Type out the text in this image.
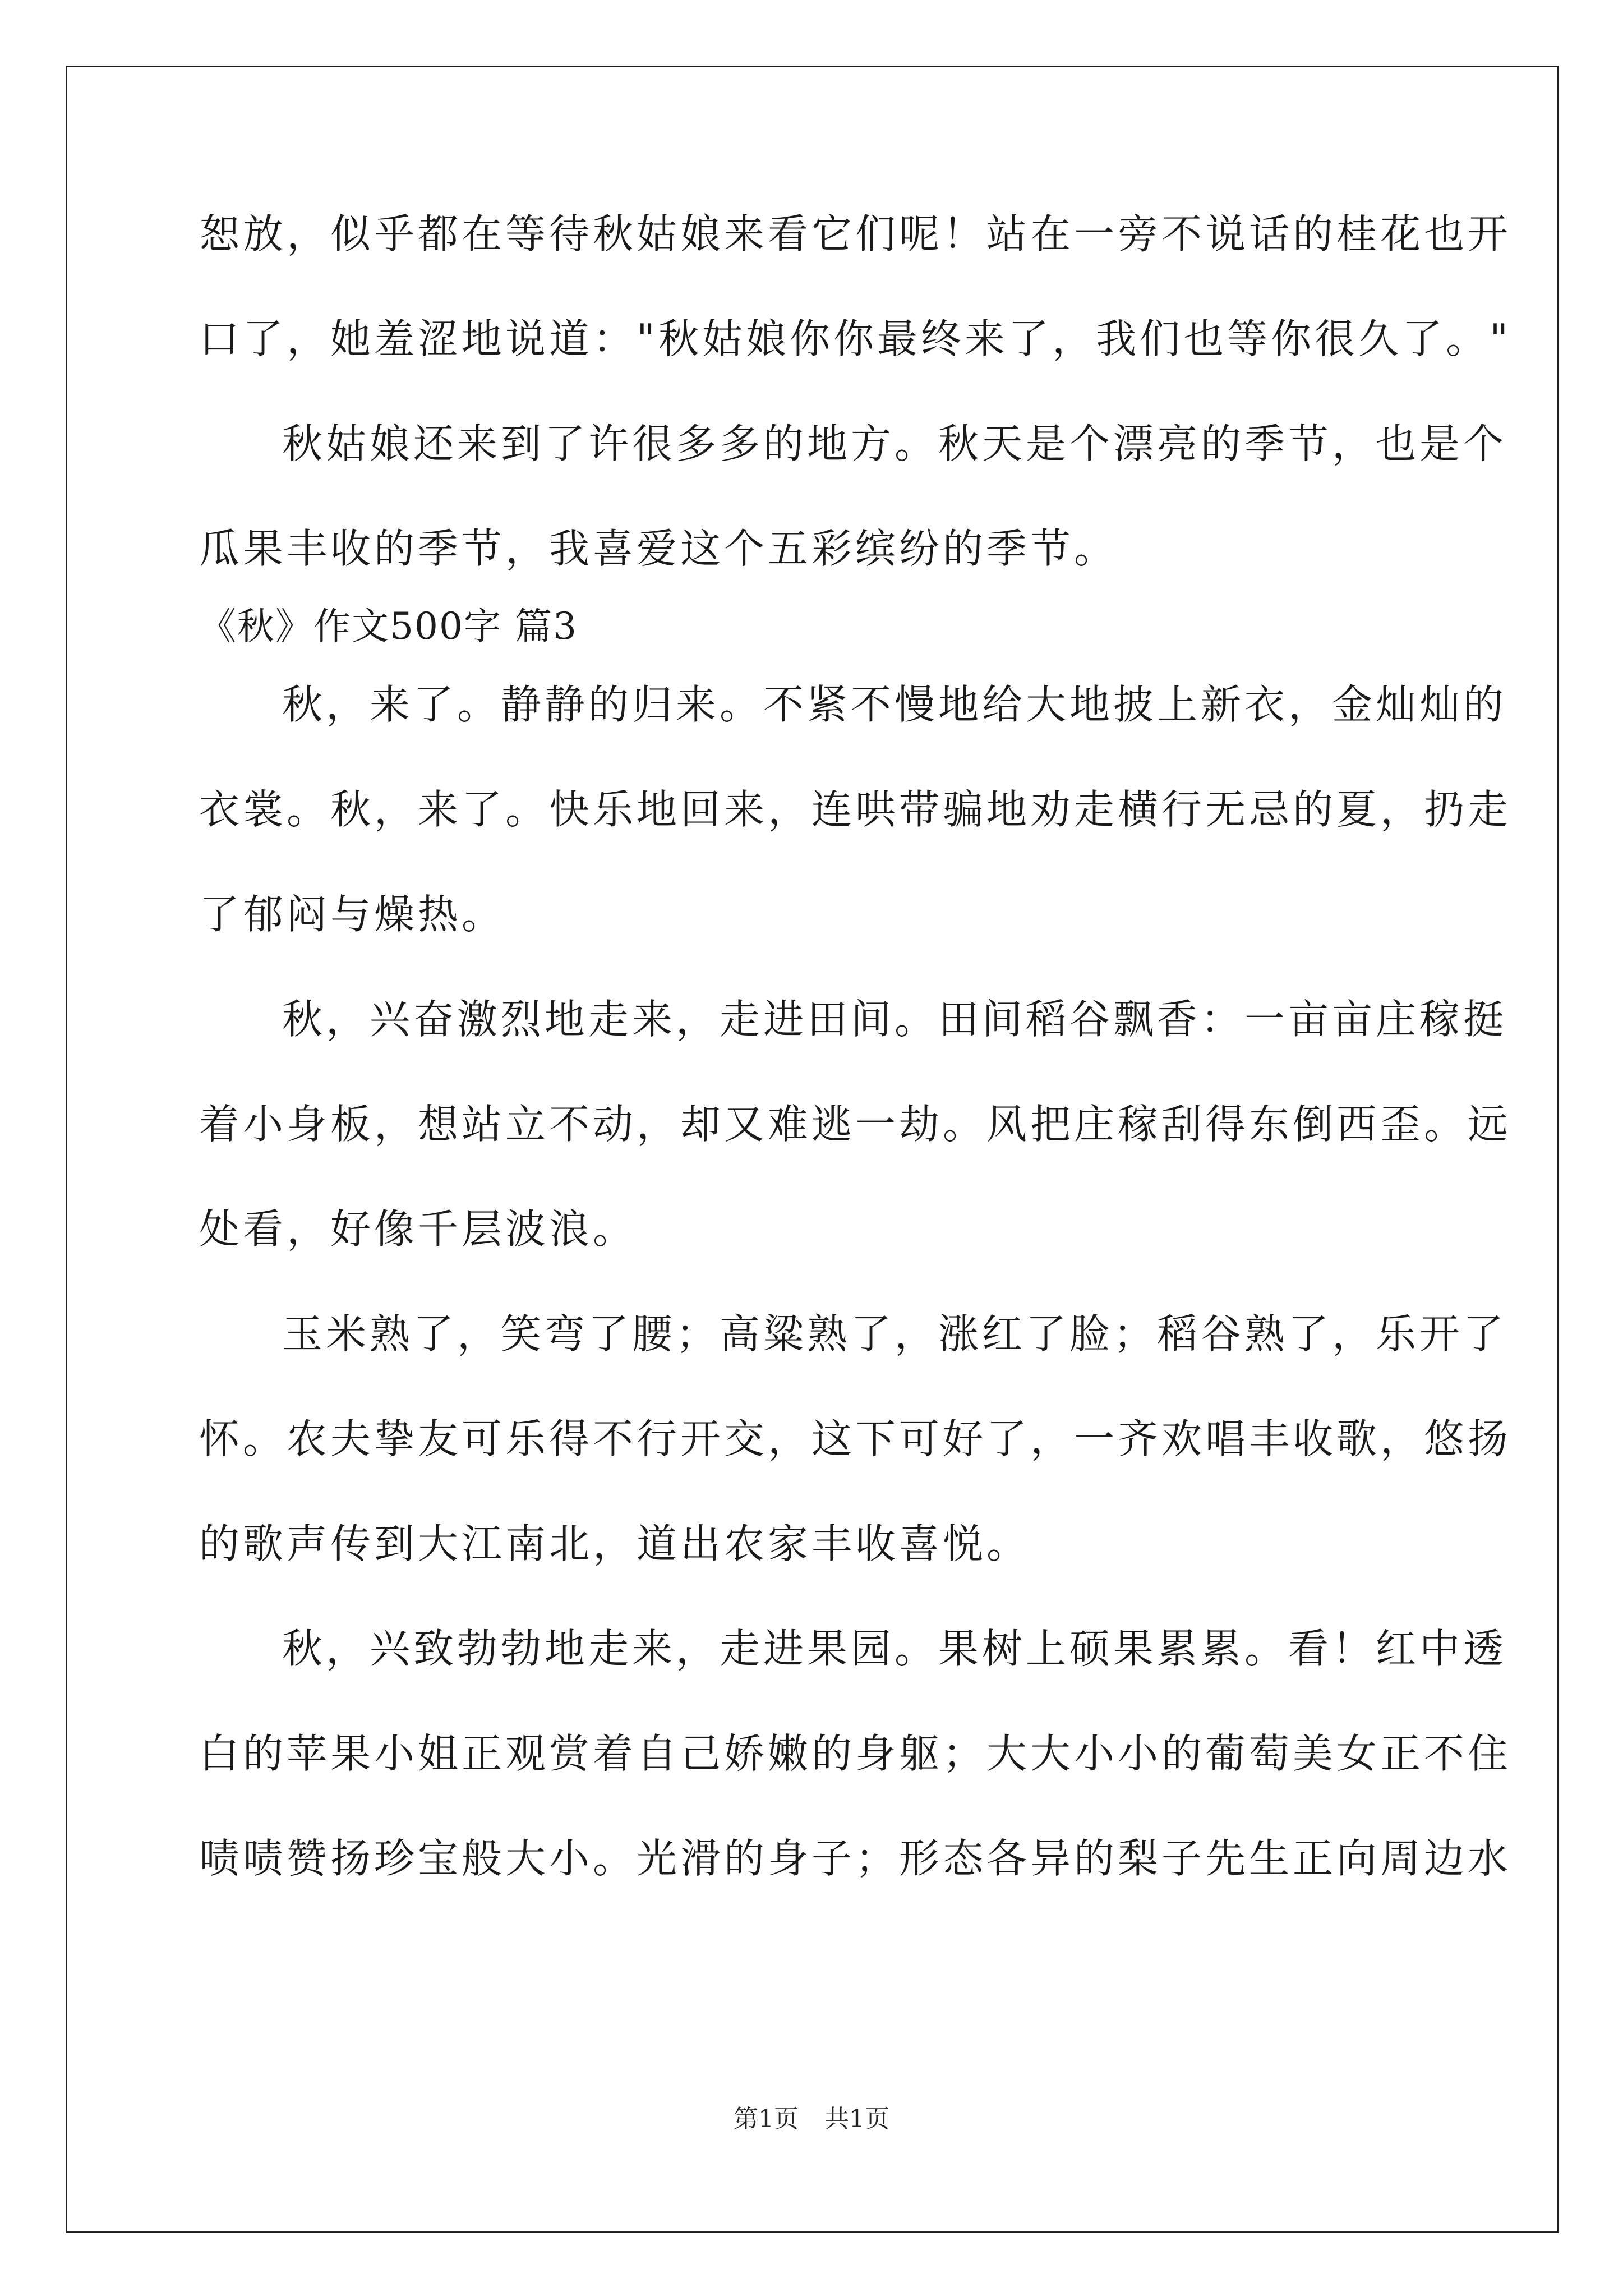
恕放，似乎都在等待秋姑娘来看它们呢！站在一旁不说话的桂花也开
口了，她羞涩地说道："秋姑娘你你最终来了，我们也等你很久了。"
秋姑娘还来到了许很多多的地方。秋天是个漂亮的季节，也是个
瓜果丰收的季节，我喜爱这个五彩缤纷的季节。
《秋》作文500字 篇3
秋，来了。静静的归来。不紧不慢地给大地披上新衣，金灿灿的
衣裳。秋，来了。快乐地回来，连哄带骗地劝走横行无忌的夏，扔走
了郁闷与燥热。
秋，兴奋激烈地走来，走进田间。田间稻谷飘香：一亩亩庄稼挺
着小身板，想站立不动，却又难逃一劫。风把庄稼刮得东倒西歪。远
处看，好像千层波浪。
玉米熟了，笑弯了腰；高粱熟了，涨红了脸；稻谷熟了，乐开了
怀。农夫挚友可乐得不行开交，这下可好了，一齐欢唱丰收歌，悠扬
的歌声传到大江南北，道出农家丰收喜悦。
秋，兴致勃勃地走来，走进果园。果树上硕果累累。看！红中透
白的苹果小姐正观赏着自己娇嫩的身躯；大大小小的葡萄美女正不住
啧啧赞扬珍宝般大小。光滑的身子；形态各异的梨子先生正向周边水
第1页 共1页
